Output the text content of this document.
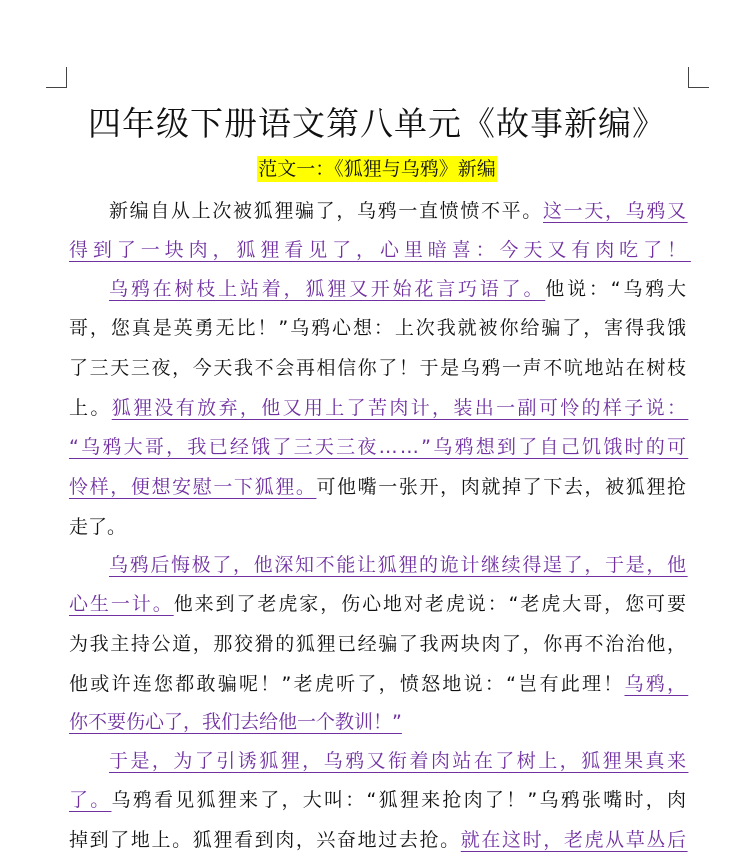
四年级下册语文第八单元《故事新编》
范文一：《狐狸与乌鸦》新编
新编自从上次被狐狸骗了，乌鸦一直愤愤不平。这一天，乌鸦又
得到了一块肉，狐狸看见了，心里暗喜：今天又有肉吃了！
乌鸦在树枝上站着，狐狸又开始花言巧语了。他说：“乌鸦大
哥，您真是英勇无比！”乌鸦心想：上次我就被你给骗了，害得我饿
了三天三夜，今天我不会再相信你了！于是乌鸦一声不吭地站在树枝
上。狐狸没有放弃，他又用上了苦肉计，装出一副可怜的样子说：
“乌鸦大哥，我已经饿了三天三夜……”乌鸦想到了自己饥饿时的可
怜样，便想安慰一下狐狸。可他嘴一张开，肉就掉了下去，被狐狸抢
走了。
乌鸦后悔极了，他深知不能让狐狸的诡计继续得逞了，于是，他
心生一计。他来到了老虎家，伤心地对老虎说：“老虎大哥，您可要
为我主持公道，那狡猾的狐狸已经骗了我两块肉了，你再不治治他，
他或许连您都敢骗呢！”老虎听了，愤怒地说：“岂有此理！乌鸦，
你不要伤心了，我们去给他一个教训！”
于是，为了引诱狐狸，乌鸦又衔着肉站在了树上，狐狸果真来
了。乌鸦看见狐狸来了，大叫：“狐狸来抢肉了！”乌鸦张嘴时，肉
掉到了地上。狐狸看到肉，兴奋地过去抢。就在这时，老虎从草丛后
